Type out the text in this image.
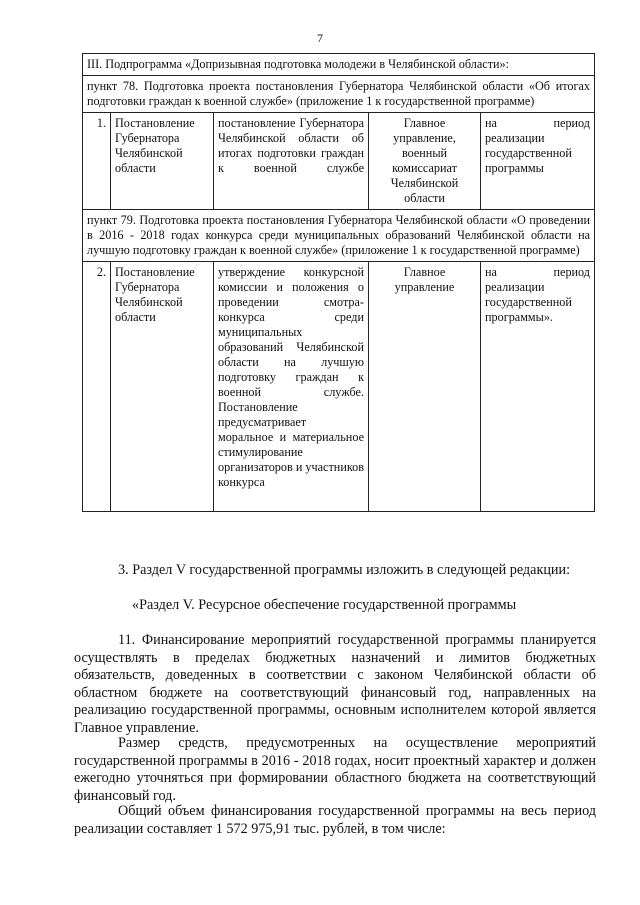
7
III. Подпрограмма «Допризывная подготовка молодежи в Челябинской области»:				
пункт 78. Подготовка проекта постановления Губернатора Челябинской области «Об итогах подготовки граждан к военной службе» (приложение 1 к государственной программе)				
1.	Постановление Губернатора Челябинской области	постановление Губернатора Челябинской области об итогах подготовки граждан к военной службе	Главное управление, военный комиссариат Челябинской области	на период реализации государственной программы
пункт 79. Подготовка проекта постановления Губернатора Челябинской области «О проведении в 2016 - 2018 годах конкурса среди муниципальных образований Челябинской области на лучшую подготовку граждан к военной службе» (приложение 1 к государственной программе)				
2.	Постановление Губернатора Челябинской области	утверждение конкурсной комиссии и положения о проведении смотра-конкурса среди муниципальных образований Челябинской области на лучшую подготовку граждан к военной службе. Постановление предусматривает моральное и материальное стимулирование организаторов и участников конкурса	Главное управление	на период реализации государственной программы».

3. Раздел V государственной программы изложить в следующей редакции:

«Раздел V. Ресурсное обеспечение государственной программы

11. Финансирование мероприятий государственной программы планируется осуществлять в пределах бюджетных назначений и лимитов бюджетных обязательств, доведенных в соответствии с законом Челябинской области об областном бюджете на соответствующий финансовый год, направленных на реализацию государственной программы, основным исполнителем которой является Главное управление.

Размер средств, предусмотренных на осуществление мероприятий государственной программы в 2016 - 2018 годах, носит проектный характер и должен ежегодно уточняться при формировании областного бюджета на соответствующий финансовый год.

Общий объем финансирования государственной программы на весь период реализации составляет 1 572 975,91 тыс. рублей, в том числе:
